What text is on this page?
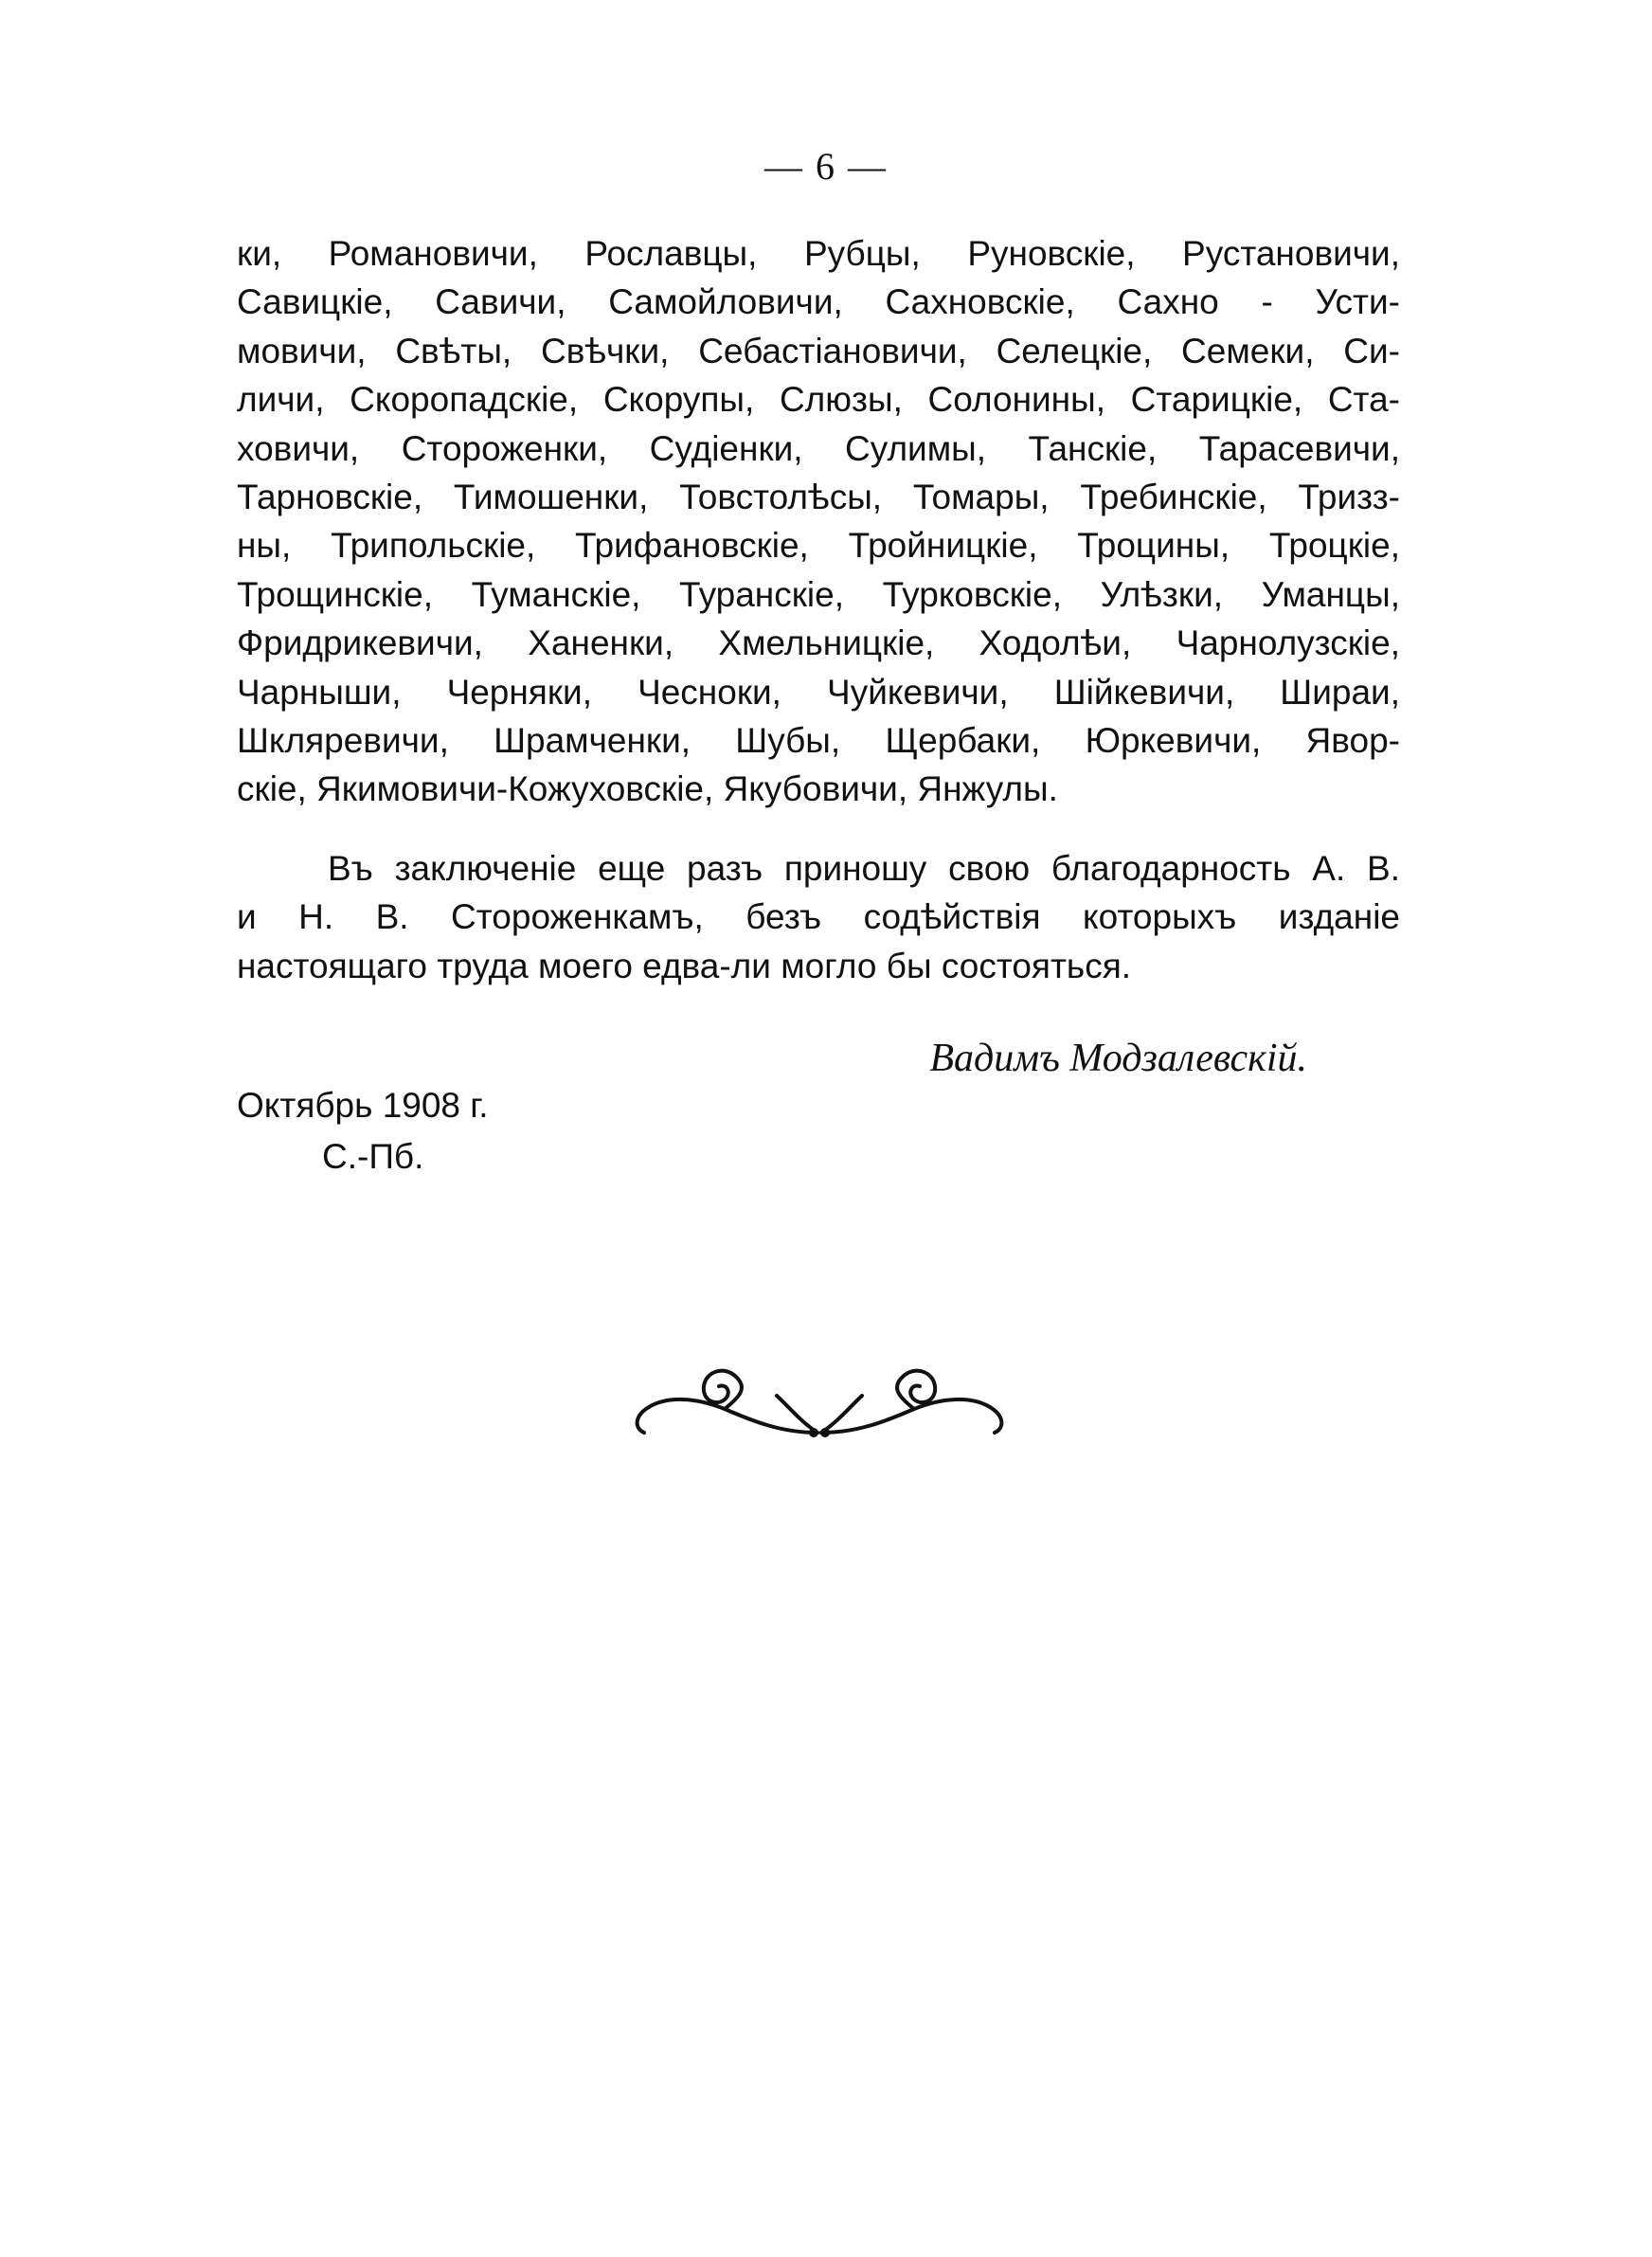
— 6 —
ки, Романовичи, Рославцы, Рубцы, Руновскіе, Рустановичи,
Савицкіе, Савичи, Самойловичи, Сахновскіе, Сахно - Усти-
мовичи, Свѣты, Свѣчки, Себастіановичи, Селецкіе, Семеки, Си-
личи, Скоропадскіе, Скорупы, Слюзы, Солонины, Старицкіе, Ста-
ховичи, Стороженки, Судіенки, Сулимы, Танскіе, Тарасевичи,
Тарновскіе, Тимошенки, Товстолѣсы, Томары, Требинскіе, Тризз-
ны, Трипольскіе, Трифановскіе, Тройницкіе, Троцины, Троцкіе,
Трощинскіе, Туманскіе, Туранскіе, Турковскіе, Улѣзки, Уманцы,
Фридрикевичи, Ханенки, Хмельницкіе, Ходолѣи, Чарнолузскіе,
Чарныши, Черняки, Чесноки, Чуйкевичи, Шійкевичи, Шираи,
Шкляревичи, Шрамченки, Шубы, Щербаки, Юркевичи, Явор-
скіе, Якимовичи-Кожуховскіе, Якубовичи, Янжулы.
Въ заключеніе еще разъ приношу свою благодарность А. В.
и Н. В. Стороженкамъ, безъ содѣйствія которыхъ изданіе
настоящаго труда моего едва-ли могло бы состояться.
Вадимъ Модзалевскій.
Октябрь 1908 г.
С.-Пб.
